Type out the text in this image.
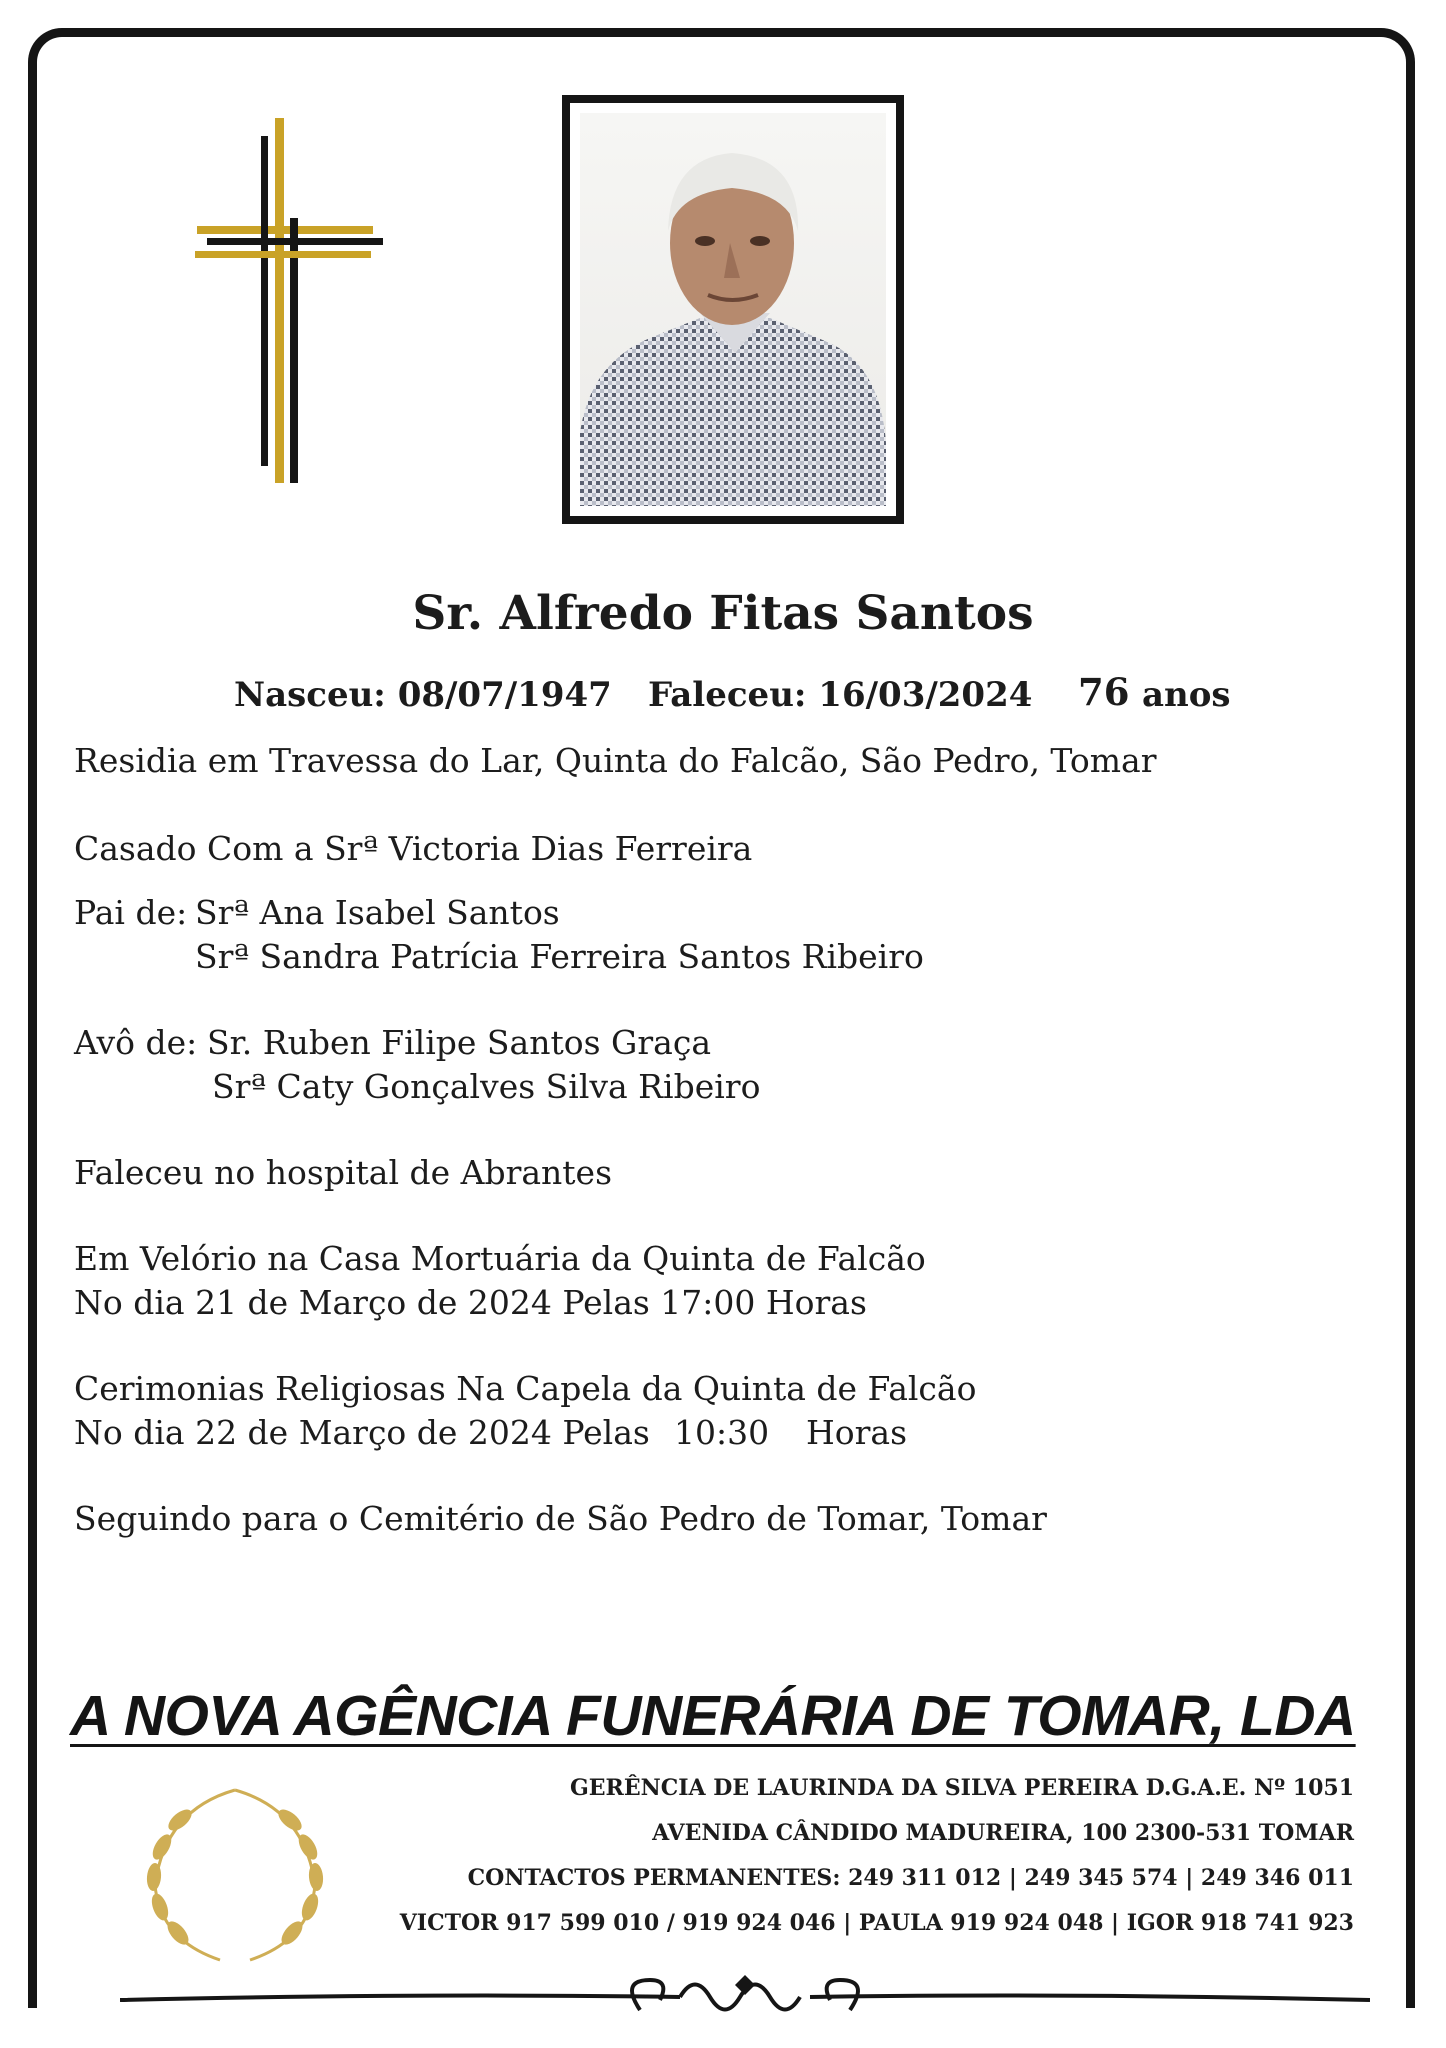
Sr. Alfredo Fitas Santos
Nasceu: 08/07/1947 Faleceu: 16/03/2024 76 anos
Residia em Travessa do Lar, Quinta do Falcão, São Pedro, Tomar
Casado Com a Srª Victoria Dias Ferreira
Pai de: Srª Ana Isabel Santos
Srª Sandra Patrícia Ferreira Santos Ribeiro
Avô de: Sr. Ruben Filipe Santos Graça
Srª Caty Gonçalves Silva Ribeiro
Faleceu no hospital de Abrantes
Em Velório na Casa Mortuária da Quinta de Falcão
No dia 21 de Março de 2024 Pelas 17:00 Horas
Cerimonias Religiosas Na Capela da Quinta de Falcão
No dia 22 de Março de 2024 Pelas 10:30 Horas
Seguindo para o Cemitério de São Pedro de Tomar, Tomar
A NOVA AGÊNCIA FUNERÁRIA DE TOMAR, LDA
GERÊNCIA DE LAURINDA DA SILVA PEREIRA D.G.A.E. Nº 1051
AVENIDA CÂNDIDO MADUREIRA, 100 2300-531 TOMAR
CONTACTOS PERMANENTES: 249 311 012 | 249 345 574 | 249 346 011
VICTOR 917 599 010 / 919 924 046 | PAULA 919 924 048 | IGOR 918 741 923
